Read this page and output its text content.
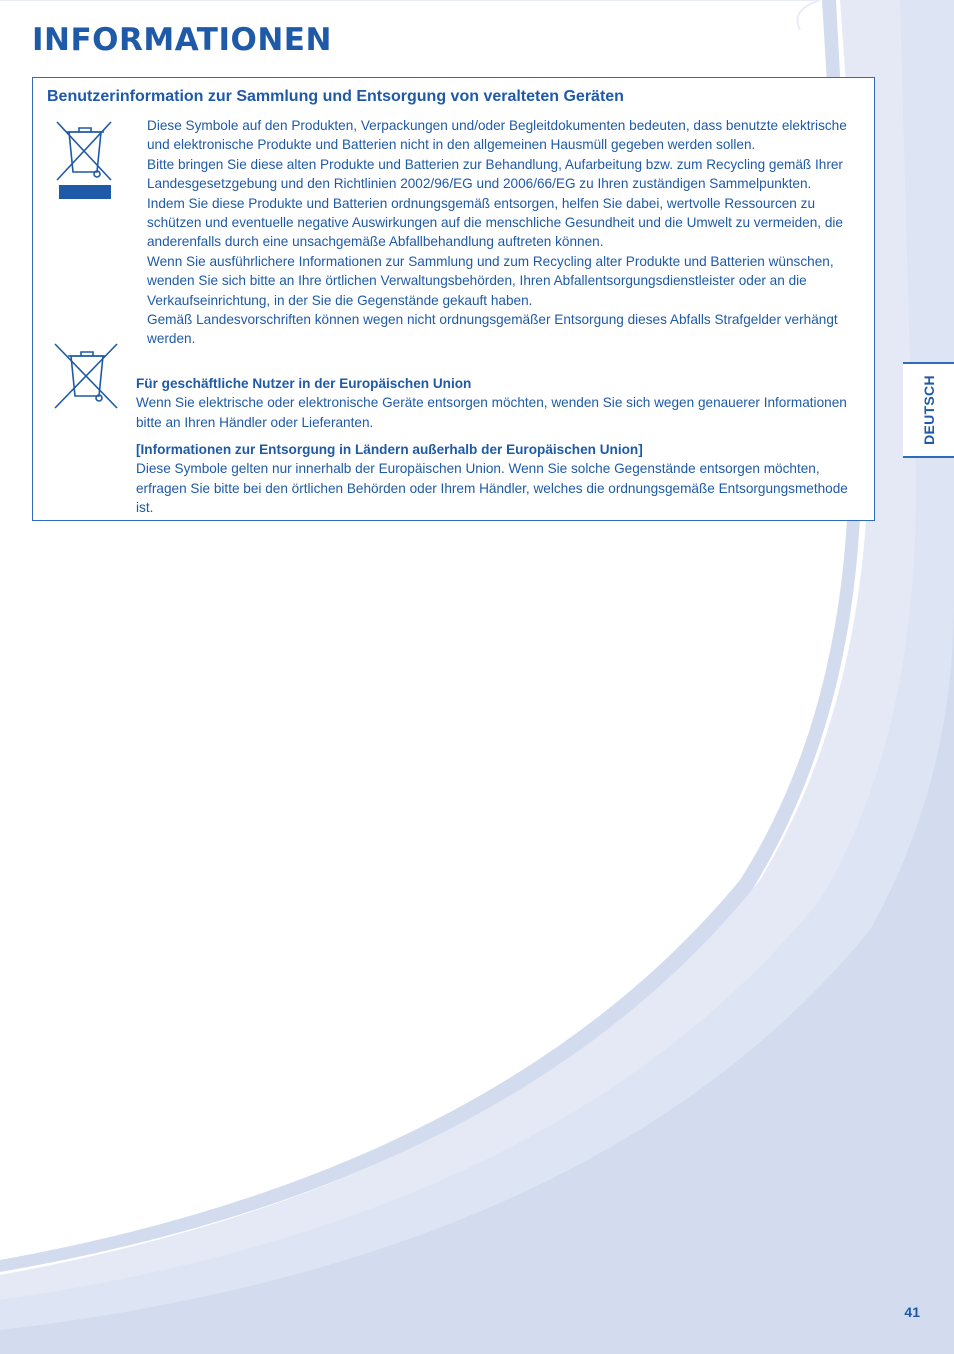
INFORMATIONEN
Benutzerinformation zur Sammlung und Entsorgung von veralteten Geräten

Diese Symbole auf den Produkten, Verpackungen und/oder Begleitdokumenten bedeuten, dass benutzte elektrische und elektronische Produkte und Batterien nicht in den allgemeinen Hausmüll gegeben werden sollen.

Bitte bringen Sie diese alten Produkte und Batterien zur Behandlung, Aufarbeitung bzw. zum Recycling gemäß Ihrer Landesgesetzgebung und den Richtlinien 2002/96/EG und 2006/66/EG zu Ihren zuständigen Sammelpunkten.

Indem Sie diese Produkte und Batterien ordnungsgemäß entsorgen, helfen Sie dabei, wertvolle Ressourcen zu schützen und eventuelle negative Auswirkungen auf die menschliche Gesundheit und die Umwelt zu vermeiden, die anderenfalls durch eine unsachgemäße Abfallbehandlung auftreten können.

Wenn Sie ausführlichere Informationen zur Sammlung und zum Recycling alter Produkte und Batterien wünschen, wenden Sie sich bitte an Ihre örtlichen Verwaltungsbehörden, Ihren Abfallentsorgungsdienstleister oder an die Verkaufseinrichtung, in der Sie die Gegenstände gekauft haben.

Gemäß Landesvorschriften können wegen nicht ordnungsgemäßer Entsorgung dieses Abfalls Strafgelder verhängt werden.

Für geschäftliche Nutzer in der Europäischen Union

Wenn Sie elektrische oder elektronische Geräte entsorgen möchten, wenden Sie sich wegen genauerer Informationen bitte an Ihren Händler oder Lieferanten.

[Informationen zur Entsorgung in Ländern außerhalb der Europäischen Union]

Diese Symbole gelten nur innerhalb der Europäischen Union. Wenn Sie solche Gegenstände entsorgen möchten, erfragen Sie bitte bei den örtlichen Behörden oder Ihrem Händler, welches die ordnungsgemäße Entsorgungsmethode ist.

DEUTSCH
41
